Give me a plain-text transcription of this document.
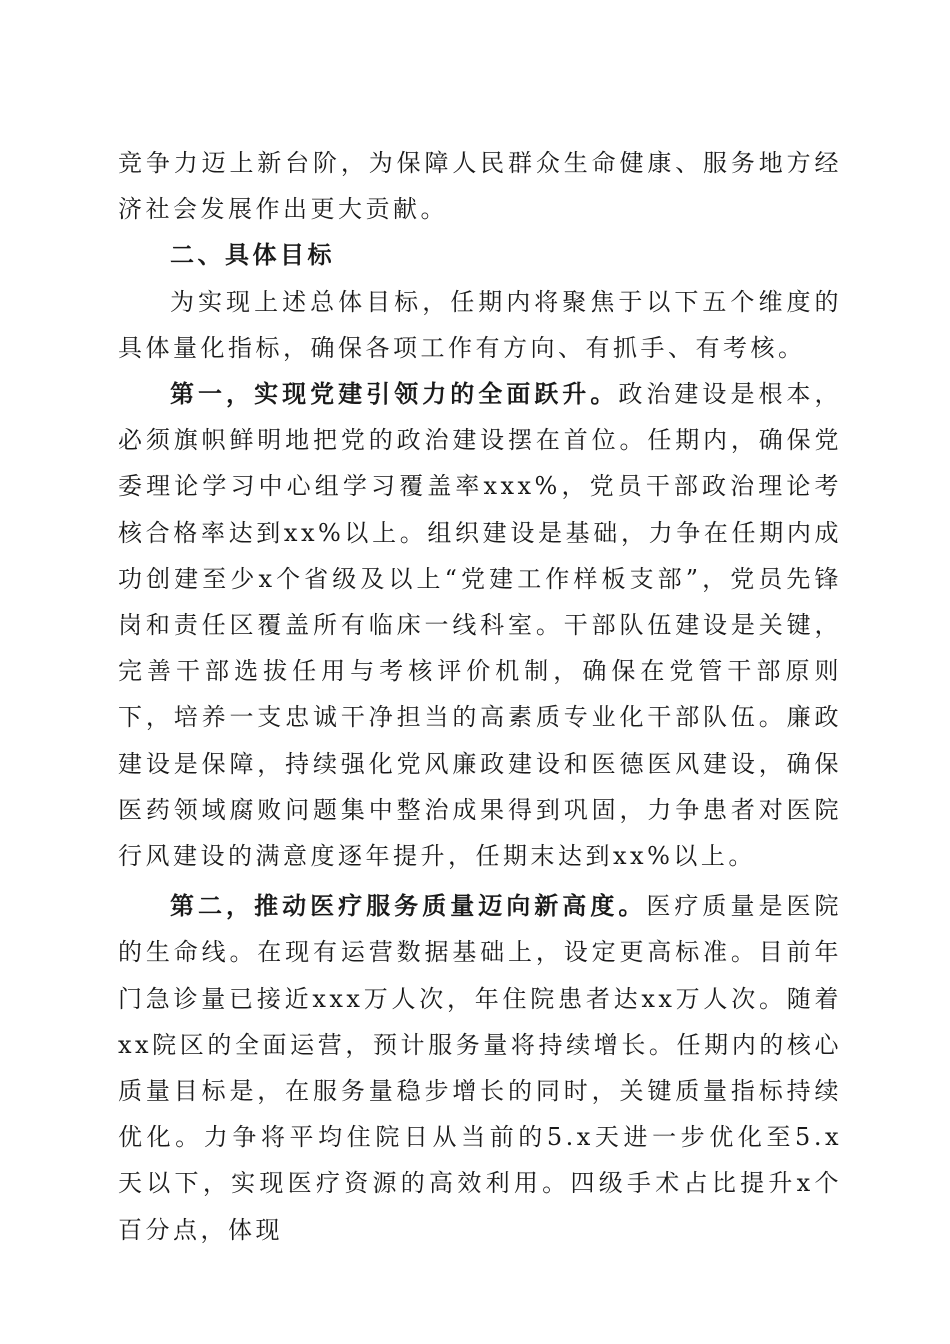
竞争力迈上新台阶，为保障人民群众生命健康、服务地方经济社会发展作出更大贡献。

二、具体目标

为实现上述总体目标，任期内将聚焦于以下五个维度的具体量化指标，确保各项工作有方向、有抓手、有考核。

第一，实现党建引领力的全面跃升。政治建设是根本，必须旗帜鲜明地把党的政治建设摆在首位。任期内，确保党委理论学习中心组学习覆盖率xxx%，党员干部政治理论考核合格率达到xx%以上。组织建设是基础，力争在任期内成功创建至少x个省级及以上“党建工作样板支部”，党员先锋岗和责任区覆盖所有临床一线科室。干部队伍建设是关键，完善干部选拔任用与考核评价机制，确保在党管干部原则下，培养一支忠诚干净担当的高素质专业化干部队伍。廉政建设是保障，持续强化党风廉政建设和医德医风建设，确保医药领域腐败问题集中整治成果得到巩固，力争患者对医院行风建设的满意度逐年提升，任期末达到xx%以上。

第二，推动医疗服务质量迈向新高度。医疗质量是医院的生命线。在现有运营数据基础上，设定更高标准。目前年门急诊量已接近xxx万人次，年住院患者达xx万人次。随着xx院区的全面运营，预计服务量将持续增长。任期内的核心质量目标是，在服务量稳步增长的同时，关键质量指标持续优化。力争将平均住院日从当前的5.x天进一步优化至5.x天以下，实现医疗资源的高效利用。四级手术占比提升x个百分点，体现
